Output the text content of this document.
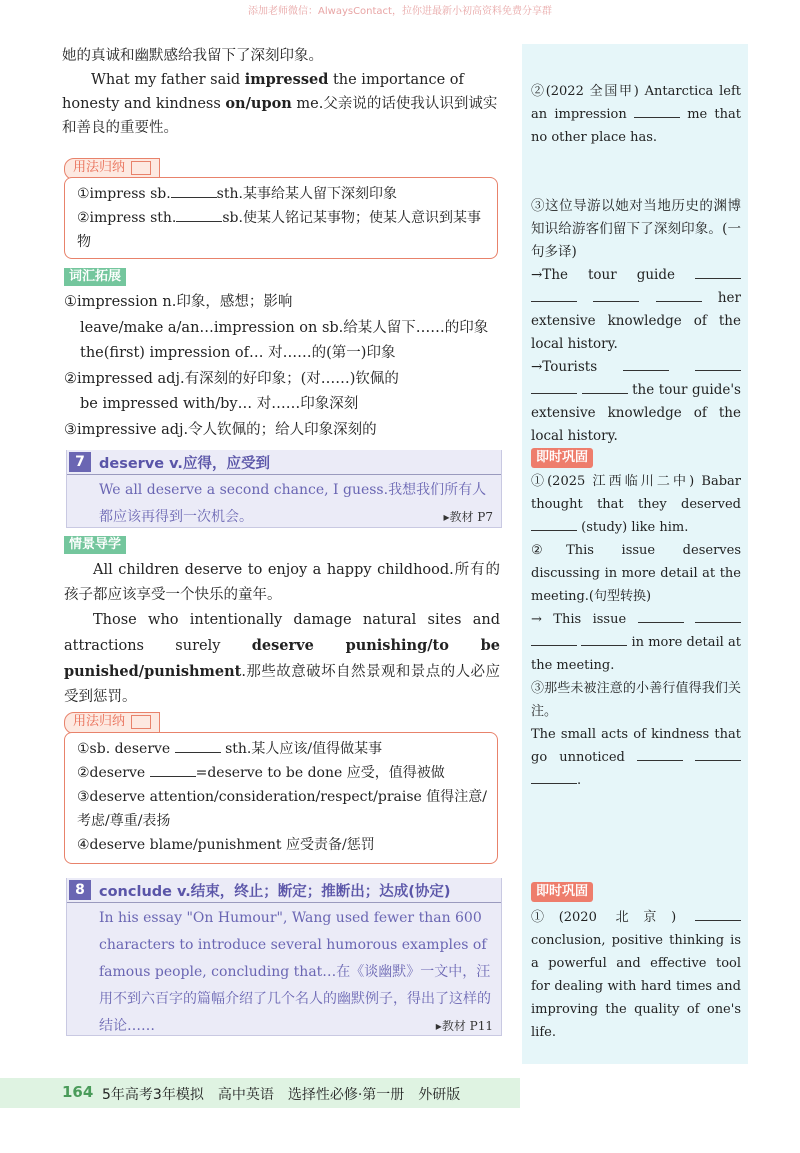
添加老师微信：AlwaysContact，拉你进最新小初高资料免费分享群

她的真诚和幽默感给我留下了深刻印象。

What my father said impressed the importance of honesty and kindness on/upon me.父亲说的话使我认识到诚实和善良的重要性。

用法归纳
①impress sb.	sth.某事给某人留下深刻印象
②impress sth.	sb.使某人铭记某事物；使某人意识到某事物
词汇拓展
①impression n.印象，感想；影响
leave/make a/an…impression on sb.给某人留下……的印象
the(first) impression of… 对……的(第一)印象
②impressed adj.有深刻的好印象；(对……)钦佩的
be impressed with/by… 对……印象深刻
③impressive adj.令人钦佩的；给人印象深刻的
7 deserve v.应得，应受到
We all deserve a second chance, I guess.我想我们所有人都应该再得到一次机会。	▸教材 P7
情景导学

All children deserve to enjoy a happy childhood.所有的孩子都应该享受一个快乐的童年。

Those who intentionally damage natural sites and attractions surely deserve punishing/to be punished/punishment.那些故意破坏自然景观和景点的人必应受到惩罚。

用法归纳
①sb. deserve	sth.某人应该/值得做某事
②deserve	=deserve to be done 应受，值得被做
③deserve attention/consideration/respect/praise 值得注意/考虑/尊重/表扬
④deserve blame/punishment 应受责备/惩罚
8 conclude v.结束，终止；断定；推断出；达成(协定)
In his essay "On Humour", Wang used fewer than 600 characters to introduce several humorous examples of famous people, concluding that…在《谈幽默》一文中，汪用不到六百字的篇幅介绍了几个名人的幽默例子，得出了这样的结论……	▸教材 P11
②(2022 全国甲) Antarctica left an impression	me that no other place has.
③这位导游以她对当地历史的渊博知识给游客们留下了深刻印象。(一句多译)
→The tour guide     her extensive knowledge of the local history.
→Tourists     the tour guide's extensive knowledge of the local history.
即时巩固
①(2025 江西临川二中) Babar thought that they deserved  (study) like him.
②This issue deserves discussing in more detail at the meeting.(句型转换)
→ This issue     in more detail at the meeting.
③那些未被注意的小善行值得我们关注。
The small acts of kindness that go unnoticed   .
即时巩固
①(2020 北京)  conclusion, positive thinking is a powerful and effective tool for dealing with hard times and improving the quality of one's life.
164 5年高考3年模拟　高中英语　选择性必修·第一册　外研版
